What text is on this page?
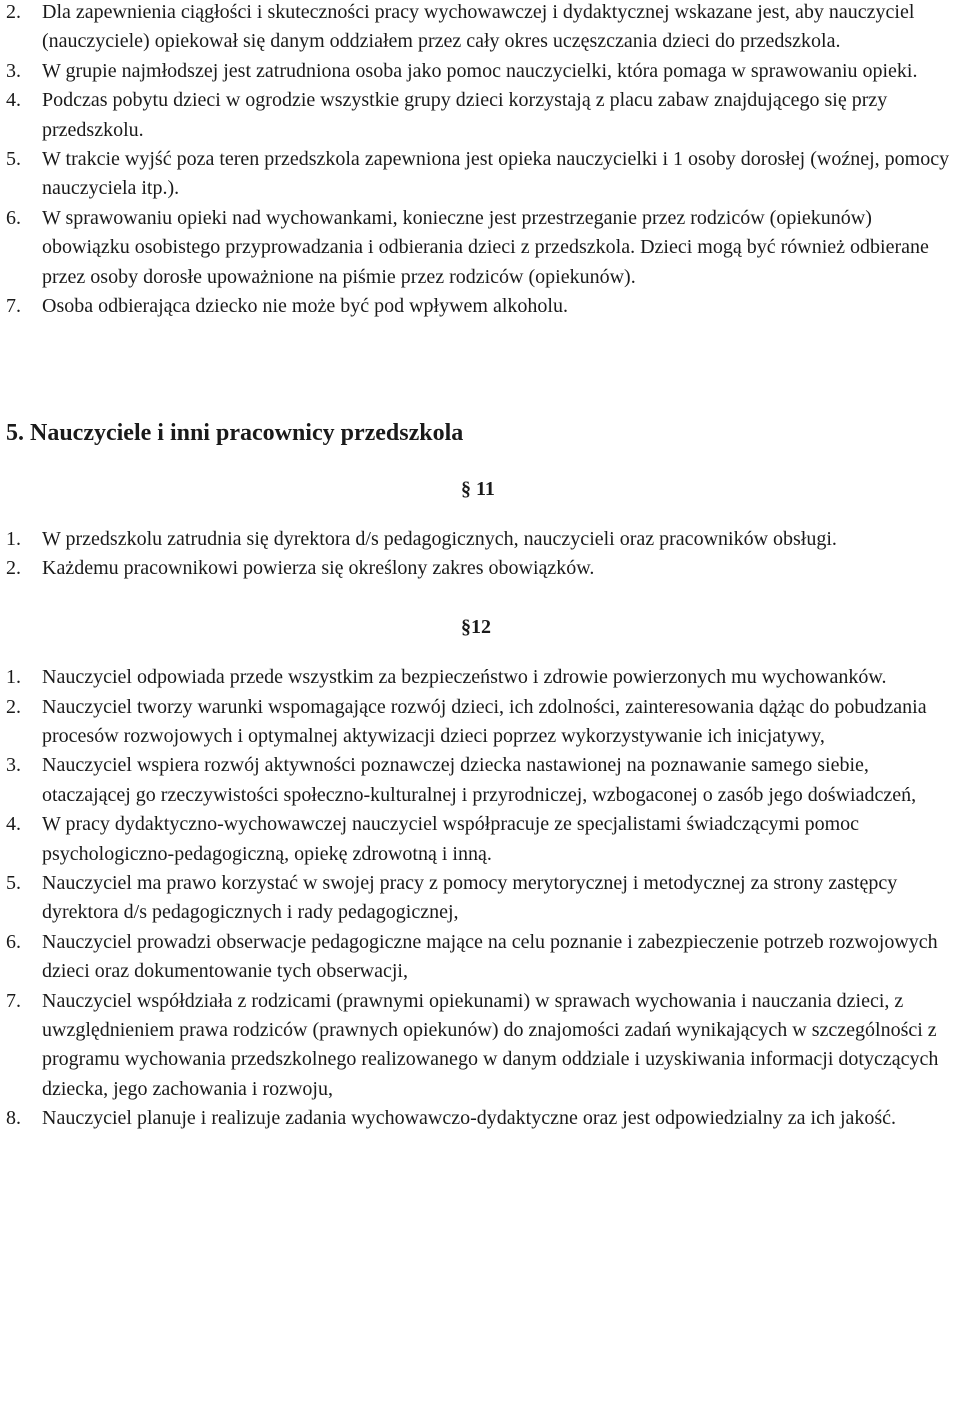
2. Dla zapewnienia ciągłości i skuteczności pracy wychowawczej i dydaktycznej wskazane jest, aby nauczyciel (nauczyciele) opiekował się danym oddziałem przez cały okres uczęszczania dzieci do przedszkola.
3. W grupie najmłodszej jest zatrudniona osoba jako pomoc nauczycielki, która pomaga w sprawowaniu opieki.
4. Podczas pobytu dzieci w ogrodzie wszystkie grupy dzieci korzystają z placu zabaw znajdującego się przy przedszkolu.
5. W trakcie wyjść poza teren przedszkola zapewniona jest opieka nauczycielki i 1 osoby dorosłej (woźnej, pomocy nauczyciela itp.).
6. W sprawowaniu opieki nad wychowankami, konieczne jest przestrzeganie przez rodziców (opiekunów) obowiązku osobistego przyprowadzania i odbierania dzieci z przedszkola. Dzieci mogą być również odbierane przez osoby dorosłe upoważnione na piśmie przez rodziców (opiekunów).
7. Osoba odbierająca dziecko nie może być pod wpływem alkoholu.
5. Nauczyciele i inni pracownicy przedszkola

§ 11

1. W przedszkolu zatrudnia się dyrektora d/s pedagogicznych, nauczycieli oraz pracowników obsługi.
2. Każdemu pracownikowi powierza się określony zakres obowiązków.

§12

1. Nauczyciel odpowiada przede wszystkim za bezpieczeństwo i zdrowie powierzonych mu wychowanków.
2. Nauczyciel tworzy warunki wspomagające rozwój dzieci, ich zdolności, zainteresowania dążąc do pobudzania procesów rozwojowych i optymalnej aktywizacji dzieci poprzez wykorzystywanie ich inicjatywy,
3. Nauczyciel wspiera rozwój aktywności poznawczej dziecka nastawionej na poznawanie samego siebie, otaczającej go rzeczywistości społeczno-kulturalnej i przyrodniczej, wzbogaconej o zasób jego doświadczeń,
4. W pracy dydaktyczno-wychowawczej nauczyciel współpracuje ze specjalistami świadczącymi pomoc psychologiczno-pedagogiczną, opiekę zdrowotną i inną.
5. Nauczyciel ma prawo korzystać w swojej pracy z pomocy merytorycznej i metodycznej za strony zastępcy dyrektora d/s pedagogicznych i rady pedagogicznej,
6. Nauczyciel prowadzi obserwacje pedagogiczne mające na celu poznanie i zabezpieczenie potrzeb rozwojowych dzieci oraz dokumentowanie tych obserwacji,
7. Nauczyciel współdziała z rodzicami (prawnymi opiekunami) w sprawach wychowania i nauczania dzieci, z uwzględnieniem prawa rodziców (prawnych opiekunów) do znajomości zadań wynikających w szczególności z programu wychowania przedszkolnego realizowanego w danym oddziale i uzyskiwania informacji dotyczących dziecka, jego zachowania i rozwoju,
8. Nauczyciel planuje i realizuje zadania wychowawczo-dydaktyczne oraz jest odpowiedzialny za ich jakość.
